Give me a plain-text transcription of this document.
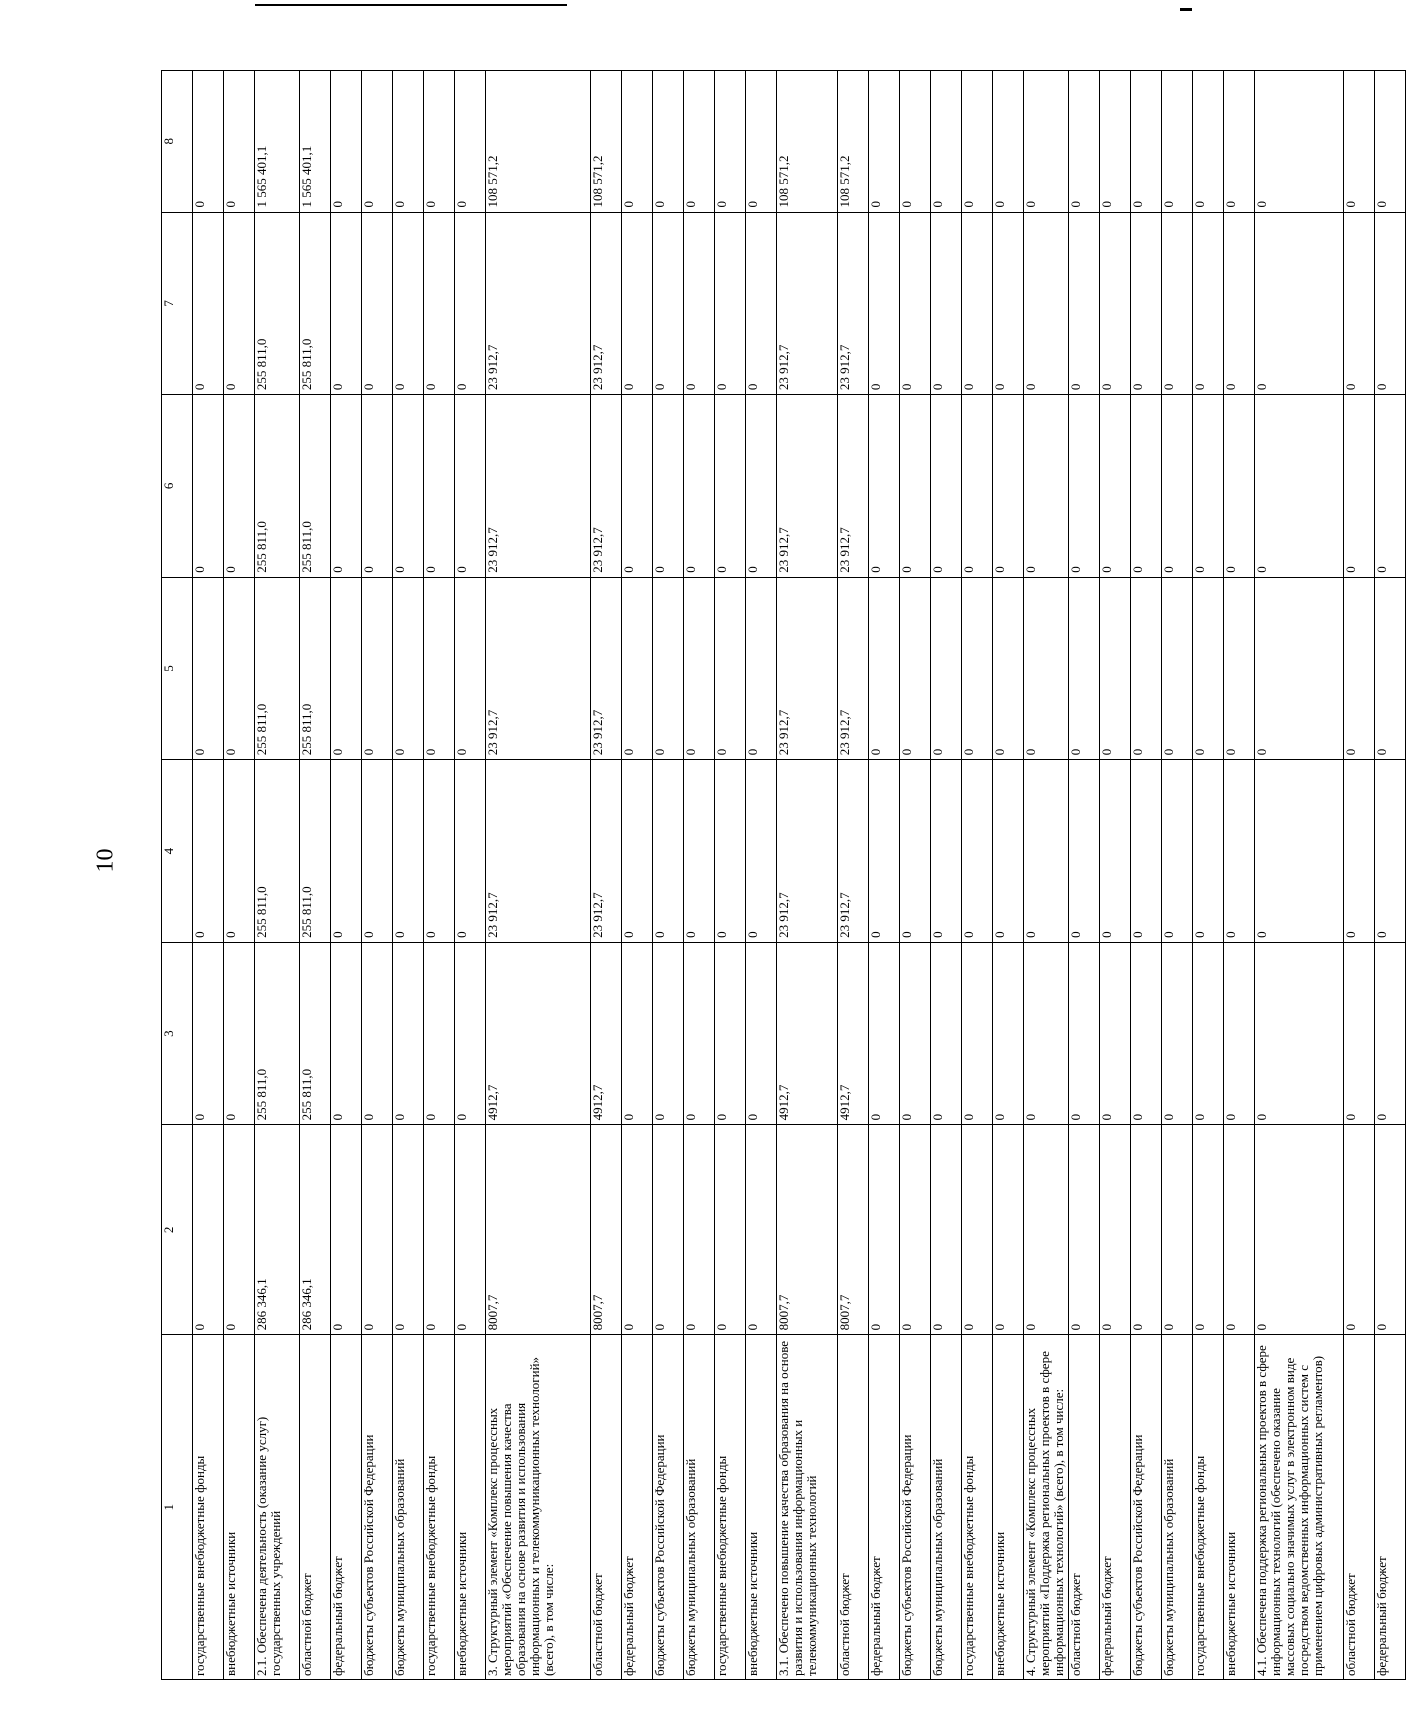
10
1	2	3	4	5	6	7	8
государственные внебюджетные фонды	0	0	0	0	0	0	0
внебюджетные источники	0	0	0	0	0	0	0
2.1. Обеспечена деятельность (оказание услуг) государственных учреждений	286 346,1	255 811,0	255 811,0	255 811,0	255 811,0	255 811,0	1 565 401,1
областной бюджет	286 346,1	255 811,0	255 811,0	255 811,0	255 811,0	255 811,0	1 565 401,1
федеральный бюджет	0	0	0	0	0	0	0
бюджеты субъектов Российской Федерации	0	0	0	0	0	0	0
бюджеты муниципальных образований	0	0	0	0	0	0	0
государственные внебюджетные фонды	0	0	0	0	0	0	0
внебюджетные источники	0	0	0	0	0	0	0
3. Структурный элемент «Комплекс процессных мероприятий «Обеспечение повышения качества образования на основе развития и использования информационных и телекоммуникационных технологий» (всего), в том числе:	8007,7	4912,7	23 912,7	23 912,7	23 912,7	23 912,7	108 571,2
областной бюджет	8007,7	4912,7	23 912,7	23 912,7	23 912,7	23 912,7	108 571,2
федеральный бюджет	0	0	0	0	0	0	0
бюджеты субъектов Российской Федерации	0	0	0	0	0	0	0
бюджеты муниципальных образований	0	0	0	0	0	0	0
государственные внебюджетные фонды	0	0	0	0	0	0	0
внебюджетные источники	0	0	0	0	0	0	0
3.1. Обеспечено повышение качества образования на основе развития и использования информационных и телекоммуникационных технологий	8007,7	4912,7	23 912,7	23 912,7	23 912,7	23 912,7	108 571,2
областной бюджет	8007,7	4912,7	23 912,7	23 912,7	23 912,7	23 912,7	108 571,2
федеральный бюджет	0	0	0	0	0	0	0
бюджеты субъектов Российской Федерации	0	0	0	0	0	0	0
бюджеты муниципальных образований	0	0	0	0	0	0	0
государственные внебюджетные фонды	0	0	0	0	0	0	0
внебюджетные источники	0	0	0	0	0	0	0
4. Структурный элемент «Комплекс процессных мероприятий «Поддержка региональных проектов в сфере информационных технологий» (всего), в том числе:	0	0	0	0	0	0	0
областной бюджет	0	0	0	0	0	0	0
федеральный бюджет	0	0	0	0	0	0	0
бюджеты субъектов Российской Федерации	0	0	0	0	0	0	0
бюджеты муниципальных образований	0	0	0	0	0	0	0
государственные внебюджетные фонды	0	0	0	0	0	0	0
внебюджетные источники	0	0	0	0	0	0	0
4.1. Обеспечена поддержка региональных проектов в сфере информационных технологий (обеспечено оказание массовых социально значимых услуг в электронном виде посредством ведомственных информационных систем с применением цифровых административных регламентов)	0	0	0	0	0	0	0
областной бюджет	0	0	0	0	0	0	0
федеральный бюджет	0	0	0	0	0	0	0
